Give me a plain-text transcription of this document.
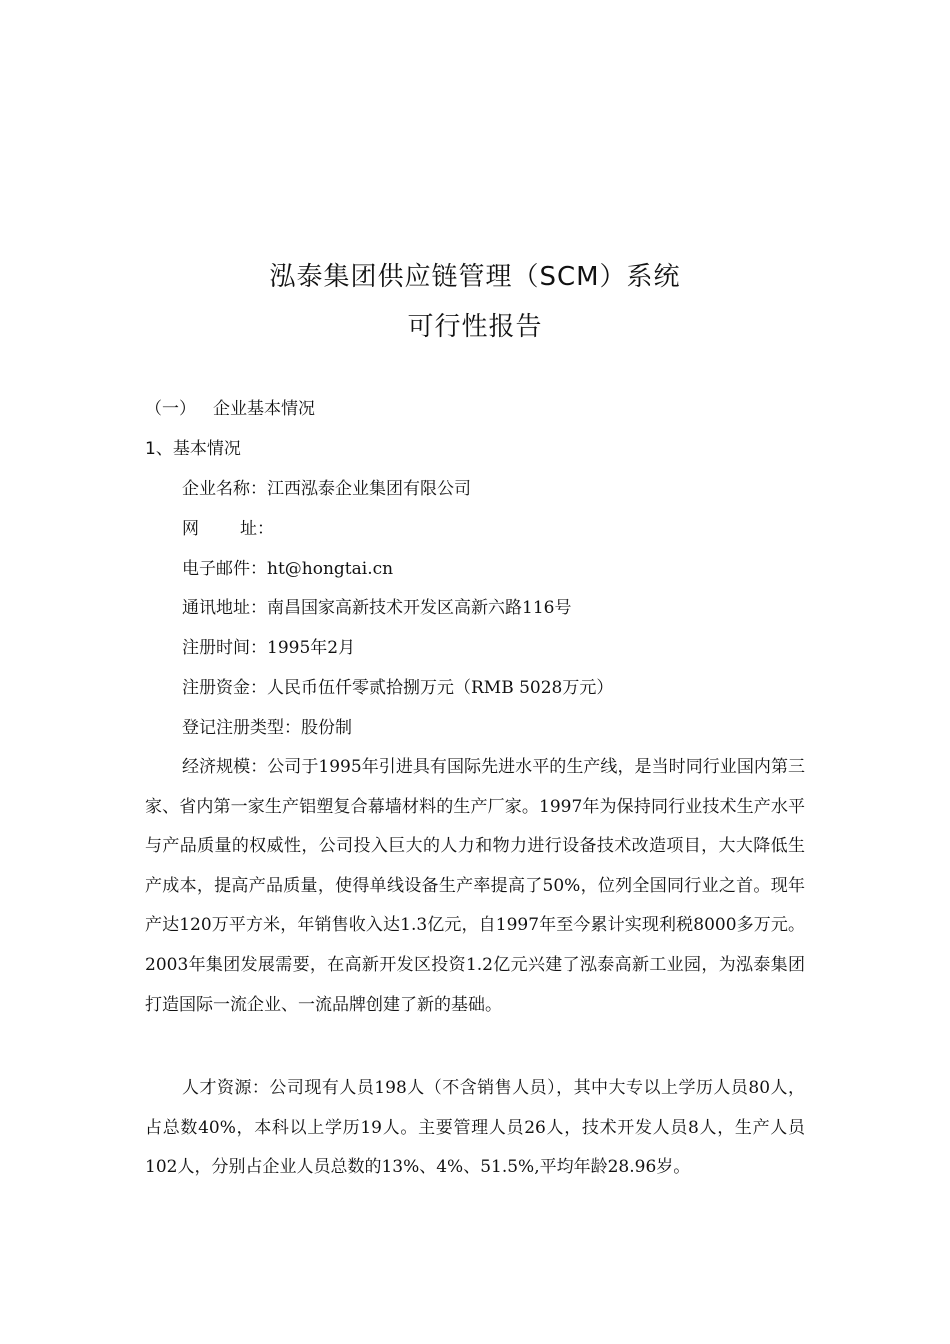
泓泰集团供应链管理（SCM）系统
可行性报告
（一） 企业基本情况
1、基本情况
企业名称：江西泓泰企业集团有限公司
网址：
电子邮件：ht@hongtai.cn
通讯地址：南昌国家高新技术开发区高新六路116号
注册时间：1995年2月
注册资金：人民币伍仟零贰拾捌万元（RMB 5028万元）
登记注册类型：股份制

经济规模：公司于1995年引进具有国际先进水平的生产线，是当时同行业国内第三家、省内第一家生产铝塑复合幕墙材料的生产厂家。1997年为保持同行业技术生产水平与产品质量的权威性，公司投入巨大的人力和物力进行设备技术改造项目，大大降低生产成本，提高产品质量，使得单线设备生产率提高了50%，位列全国同行业之首。现年产达120万平方米，年销售收入达1.3亿元，自1997年至今累计实现利税8000多万元。2003年集团发展需要，在高新开发区投资1.2亿元兴建了泓泰高新工业园，为泓泰集团打造国际一流企业、一流品牌创建了新的基础。

人才资源：公司现有人员198人（不含销售人员），其中大专以上学历人员80人，占总数40%，本科以上学历19人。主要管理人员26人，技术开发人员8人，生产人员102人，分别占企业人员总数的13%、4%、51.5%,平均年龄28.96岁。
